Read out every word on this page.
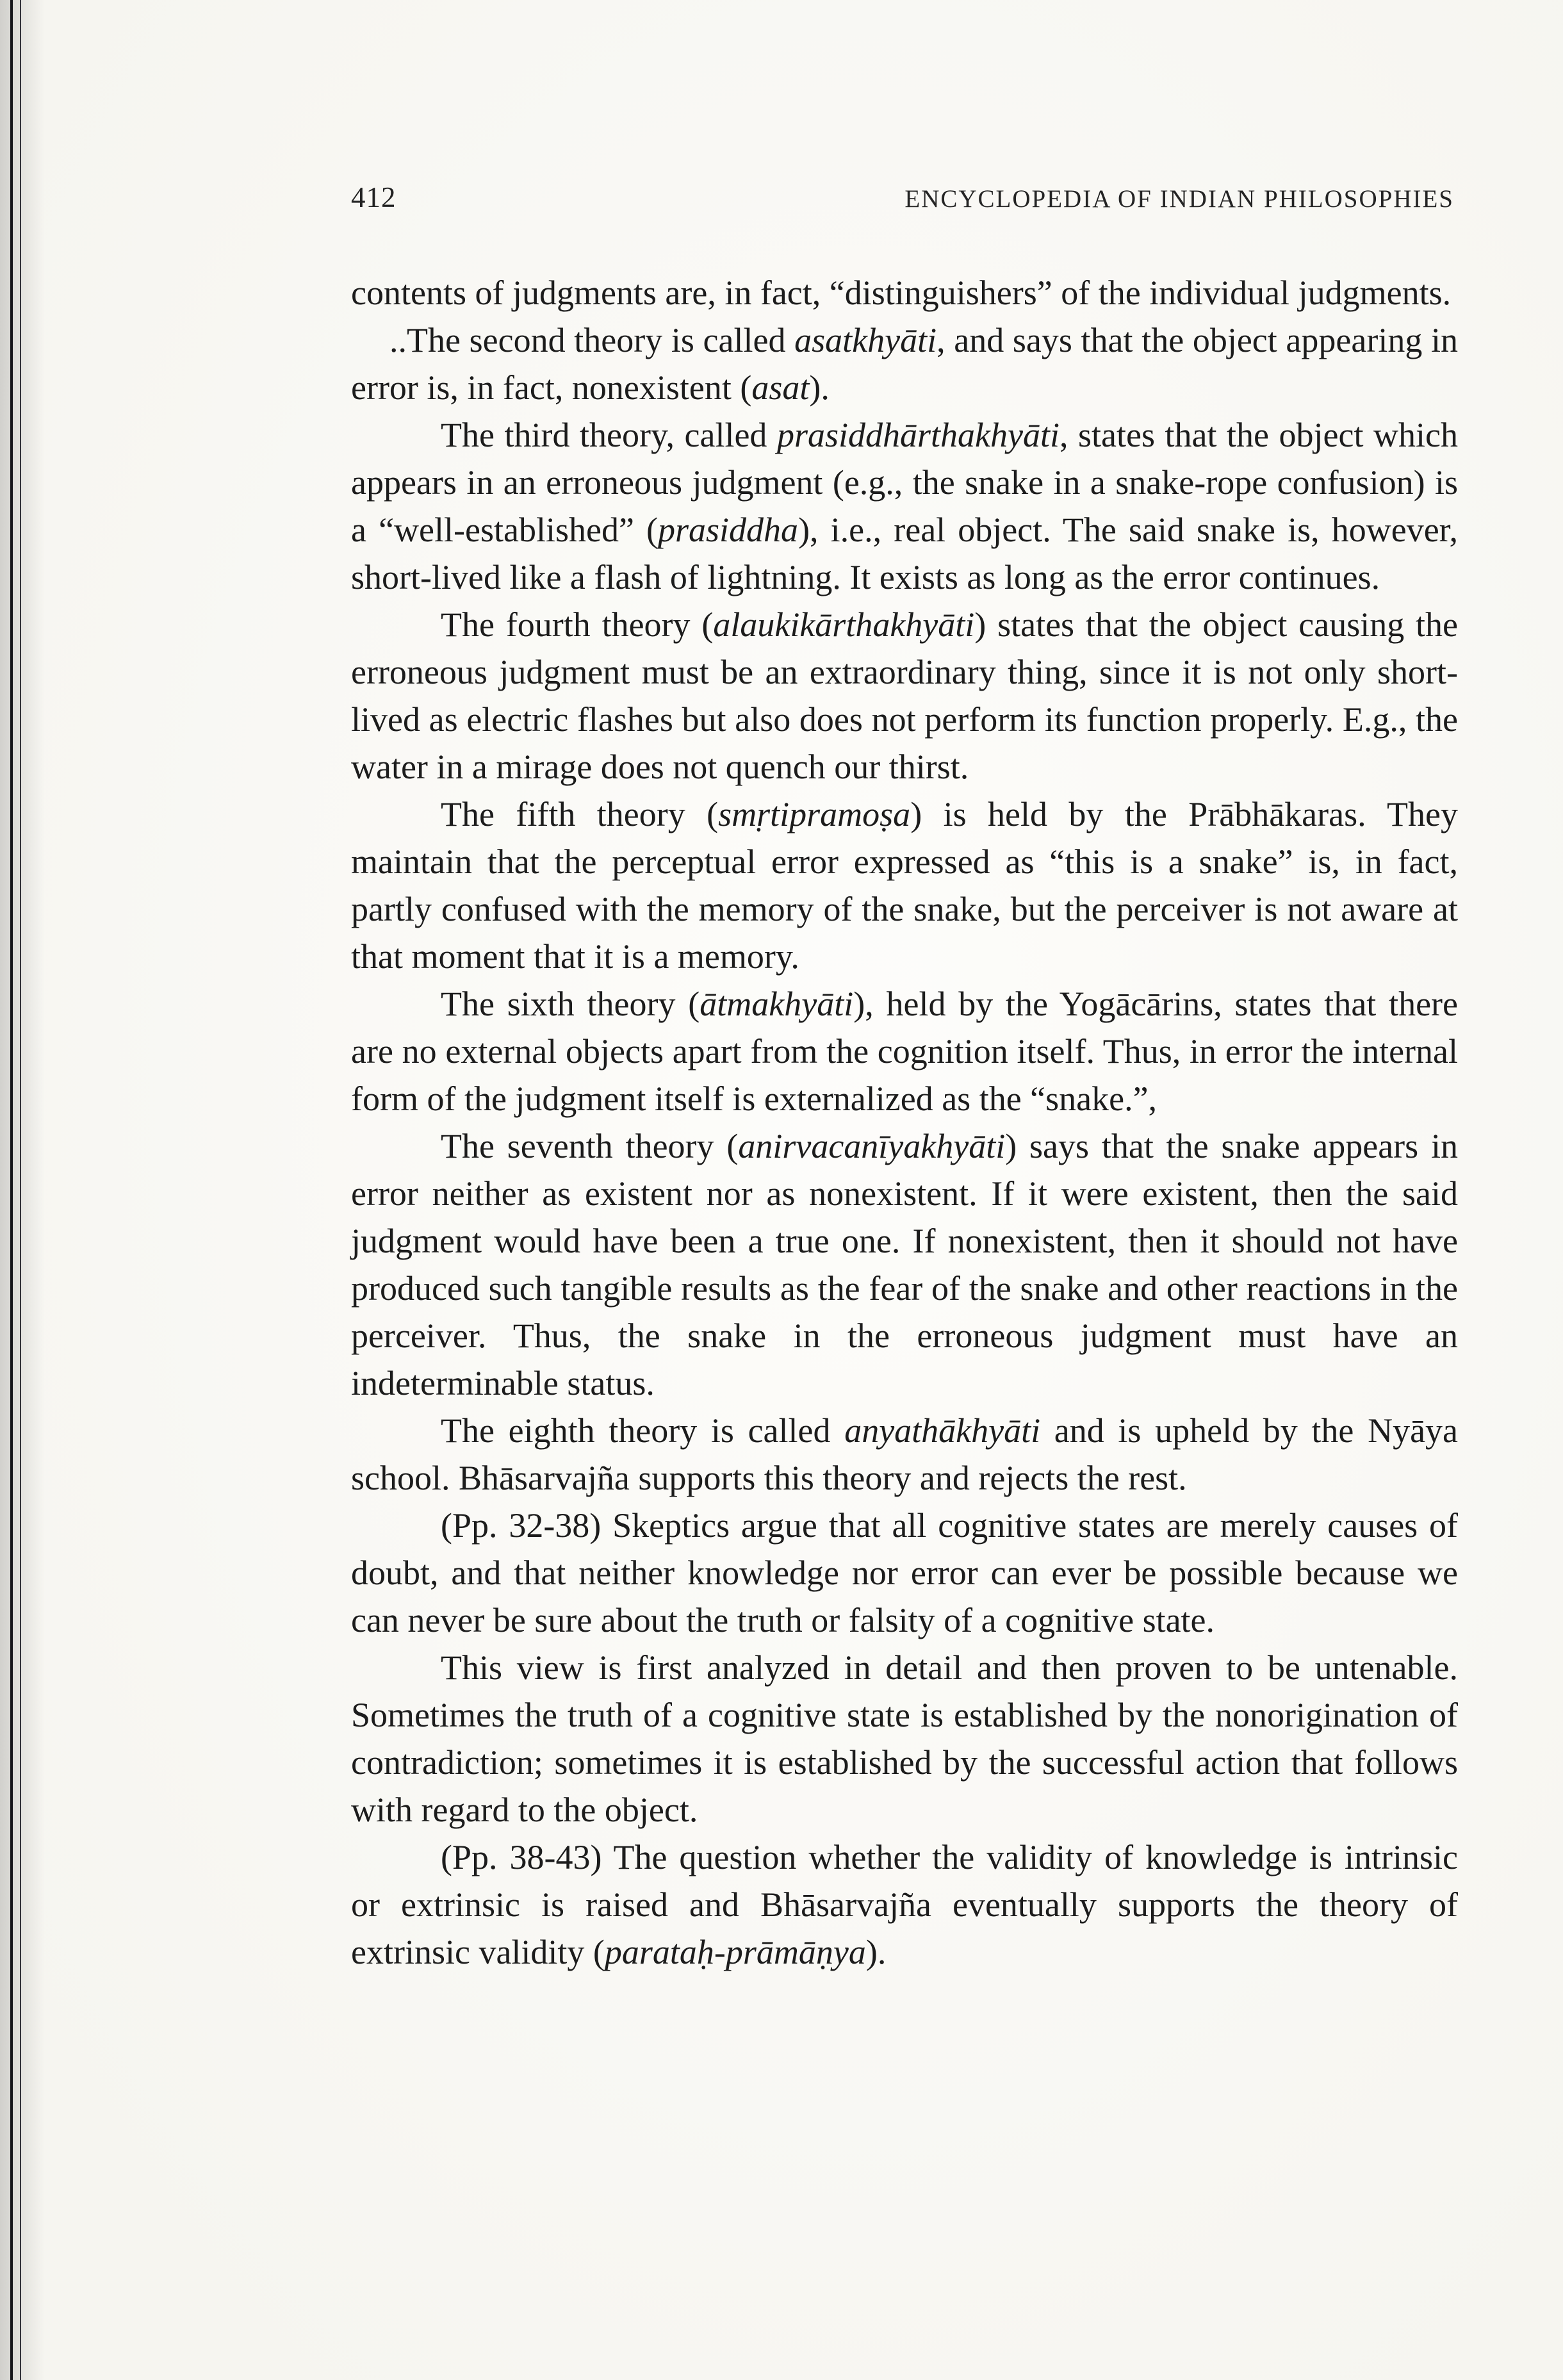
412	ENCYCLOPEDIA OF INDIAN PHILOSOPHIES

contents of judgments are, in fact, “distinguishers” of the individual judgments.

..The second theory is called asatkhyāti, and says that the object appearing in error is, in fact, nonexistent (asat).

The third theory, called prasiddhārthakhyāti, states that the object which appears in an erroneous judgment (e.g., the snake in a snake-rope confusion) is a “well-established” (prasiddha), i.e., real object. The said snake is, however, short-lived like a flash of lightning. It exists as long as the error continues.

The fourth theory (alaukikārthakhyāti) states that the object causing the erroneous judgment must be an extraordinary thing, since it is not only short-lived as electric flashes but also does not perform its function properly. E.g., the water in a mirage does not quench our thirst.

The fifth theory (smṛtipramoṣa) is held by the Prābhākaras. They maintain that the perceptual error expressed as “this is a snake” is, in fact, partly confused with the memory of the snake, but the perceiver is not aware at that moment that it is a memory.

The sixth theory (ātmakhyāti), held by the Yogācārins, states that there are no external objects apart from the cognition itself. Thus, in error the internal form of the judgment itself is externalized as the “snake.”,

The seventh theory (anirvacanīyakhyāti) says that the snake appears in error neither as existent nor as nonexistent. If it were existent, then the said judgment would have been a true one. If nonexistent, then it should not have produced such tangible results as the fear of the snake and other reactions in the perceiver. Thus, the snake in the erroneous judgment must have an indeterminable status.

The eighth theory is called anyathākhyāti and is upheld by the Nyāya school. Bhāsarvajña supports this theory and rejects the rest.

(Pp. 32-38) Skeptics argue that all cognitive states are merely causes of doubt, and that neither knowledge nor error can ever be possible because we can never be sure about the truth or falsity of a cognitive state.

This view is first analyzed in detail and then proven to be untenable. Sometimes the truth of a cognitive state is established by the nonorigination of contradiction; sometimes it is established by the successful action that follows with regard to the object.

(Pp. 38-43) The question whether the validity of knowledge is intrinsic or extrinsic is raised and Bhāsarvajña eventually supports the theory of extrinsic validity (parataḥ-prāmāṇya).
